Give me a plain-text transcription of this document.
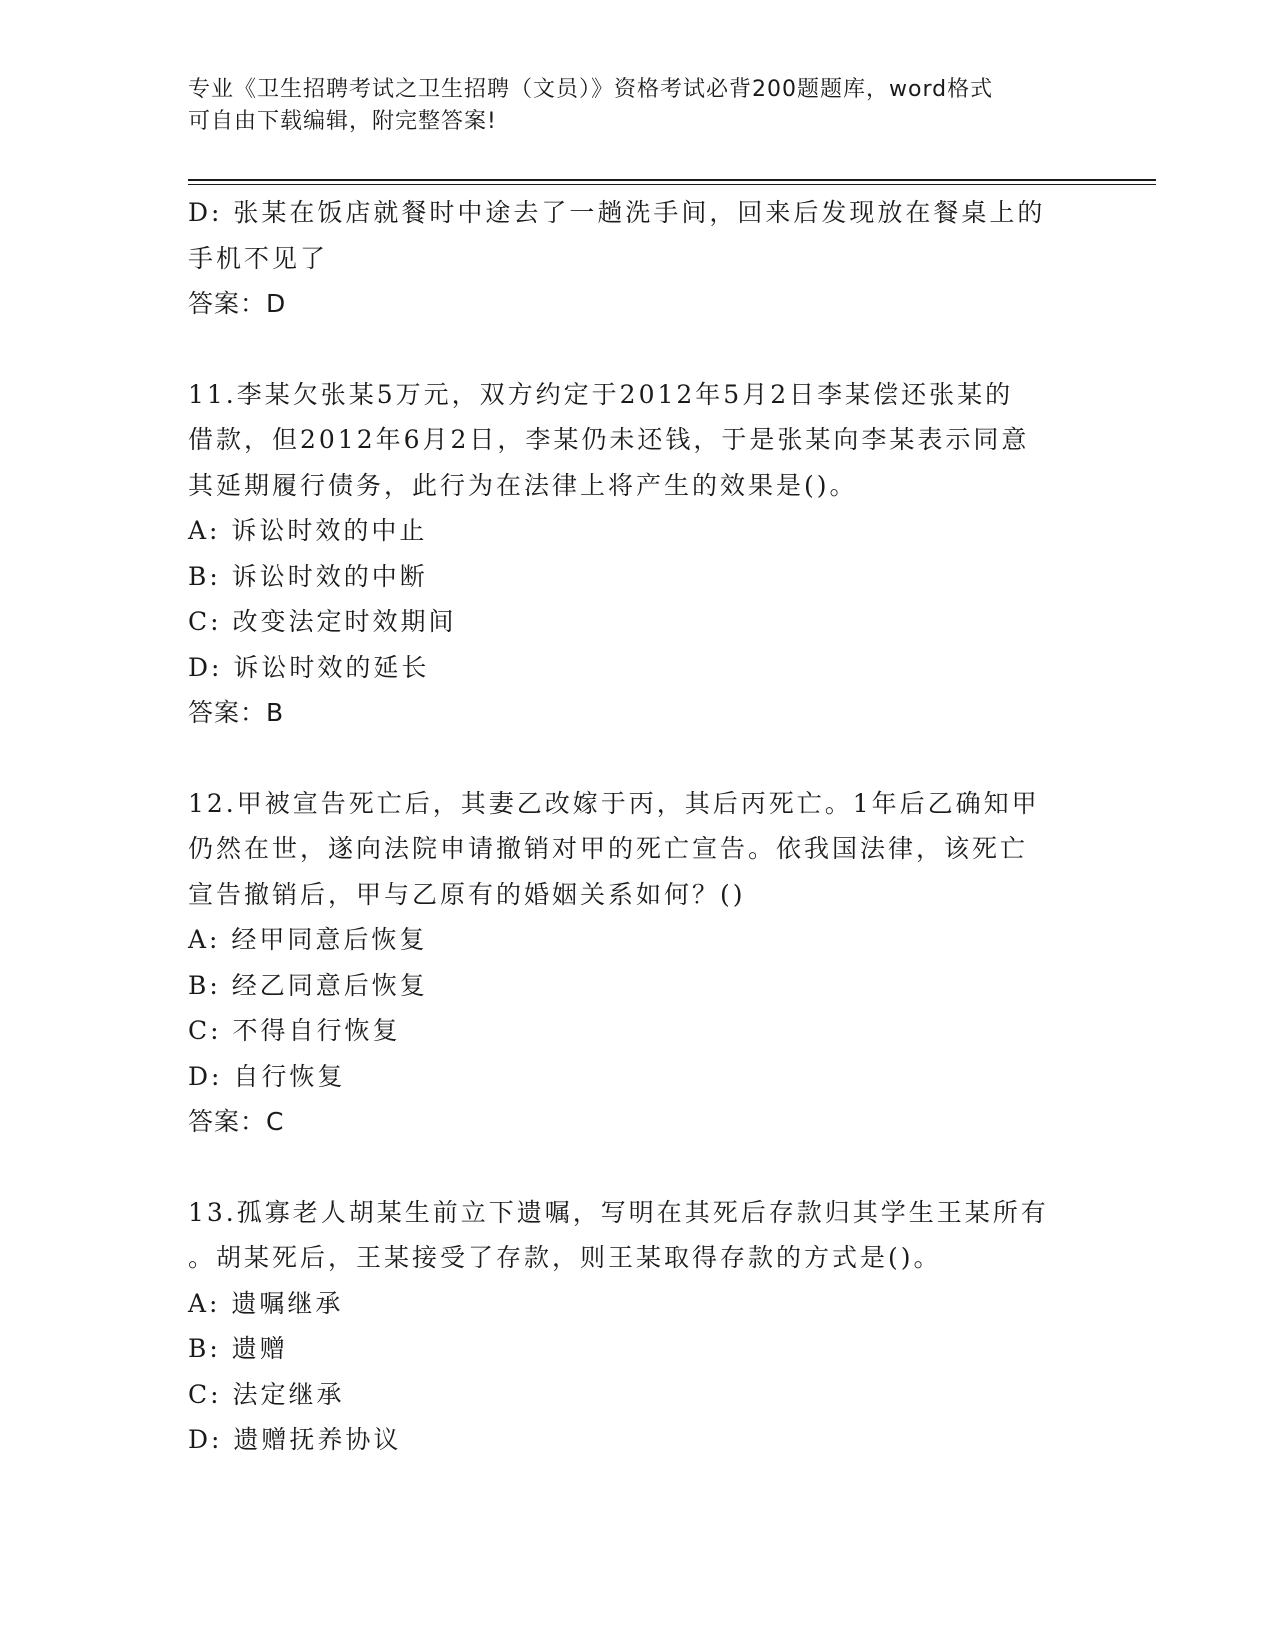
专业《卫生招聘考试之卫生招聘（文员）》资格考试必背200题题库，word格式
可自由下载编辑，附完整答案!
D: 张某在饭店就餐时中途去了一趟洗手间，回来后发现放在餐桌上的
手机不见了
答案：D
11.李某欠张某5万元，双方约定于2012年5月2日李某偿还张某的
借款，但2012年6月2日，李某仍未还钱，于是张某向李某表示同意
其延期履行债务，此行为在法律上将产生的效果是()。
A: 诉讼时效的中止
B: 诉讼时效的中断
C: 改变法定时效期间
D: 诉讼时效的延长
答案：B
12.甲被宣告死亡后，其妻乙改嫁于丙，其后丙死亡。1年后乙确知甲
仍然在世，遂向法院申请撤销对甲的死亡宣告。依我国法律，该死亡
宣告撤销后，甲与乙原有的婚姻关系如何？()
A: 经甲同意后恢复
B: 经乙同意后恢复
C: 不得自行恢复
D: 自行恢复
答案：C
13.孤寡老人胡某生前立下遗嘱，写明在其死后存款归其学生王某所有
。胡某死后，王某接受了存款，则王某取得存款的方式是()。
A: 遗嘱继承
B: 遗赠
C: 法定继承
D: 遗赠抚养协议
